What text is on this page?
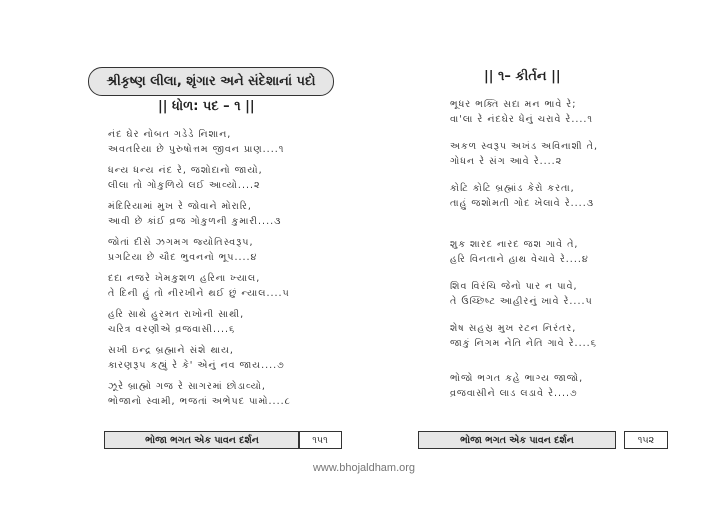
શ્રીકૃષ્ણ લીલા, શૃંગાર અને સંદેશાનાં પદો
|| ધોળ: પદ – ૧ ||
નંદ ઘેર નોબત ગડેડે નિશાન,
અવતરિયા છે પુરુષોત્તમ જીવન પ્રાણ....૧
ધન્ય ધન્ય નંદ રે, જશોદાનો જાયો,
લીલા તો ગોકુળિયે લઈ આવ્યો....૨
મંદિરિયામાં મુખ રે જોવાને મોરારિ,
આવી છે કાંઈ વ્રજ ગોકુળની કુમારી....૩
જોતાં દીસે ઝગમગ જ્યોતિસ્વરૂપ,
પ્રગટિયા છે ચૌદ ભુવનનો ભૂપ....૪
દદા નજરે ખેમકુશળ હરિના ખ્યાલ,
તે દિની હું તો નીરખીને થઈ છું ન્યાલ....૫
હરિ સાથે હુરમત રાખોની સાથી,
ચરિત્ર વરણીએ વ્રજવાસી....૬
સખી ઇન્દ્ર બ્રહ્માને સંશે થાય,
કારણરૂપ કહ્યું રે કે' એનું નવ જાય....૭
ઝૂરે બ્રાહ્મો ગજ રે સાગરમાં છોડાવ્યો,
ભોજાનો સ્વામી, ભજતાં અભેપદ પામો....૮
ભોજા ભગત એક પાવન દર્શન	૧૫૧
|| ૧– કીર્તન ||
ભૂધર ભક્તિ સદા મન ભાવે રે;
વા'લા રે નંદઘેર ધેનું ચરાવે રે....૧
અકળ સ્વરૂપ અખંડ અવિનાશી તે,
ગોધન રે સંગ આવે રે....૨
કોટિ કોટિ બ્રહ્માંડ કેરો કરતા,
તાહું જશોમતી ગોદ ખેલાવે રે....૩
શુક શારદ નારદ જશ ગાવે તે,
હરિ વિનતાને હાથ વેચાવે રે....૪
શિવ વિરંચિ જેનો પાર ન પાવે,
તે ઉચ્છિષ્ટ આહીરનું ખાવે રે....૫
શેષ સહસ્ર મુખ રટન નિરંતર,
જાકું નિગમ નેતિ નેતિ ગાવે રે....૬
ભોજો ભગત કહે ભાગ્ય જાજો,
વ્રજવાસીને લાડ લડાવે રે....૭
ભોજા ભગત એક પાવન દર્શન	૧૫૨
www.bhojaldham.org
